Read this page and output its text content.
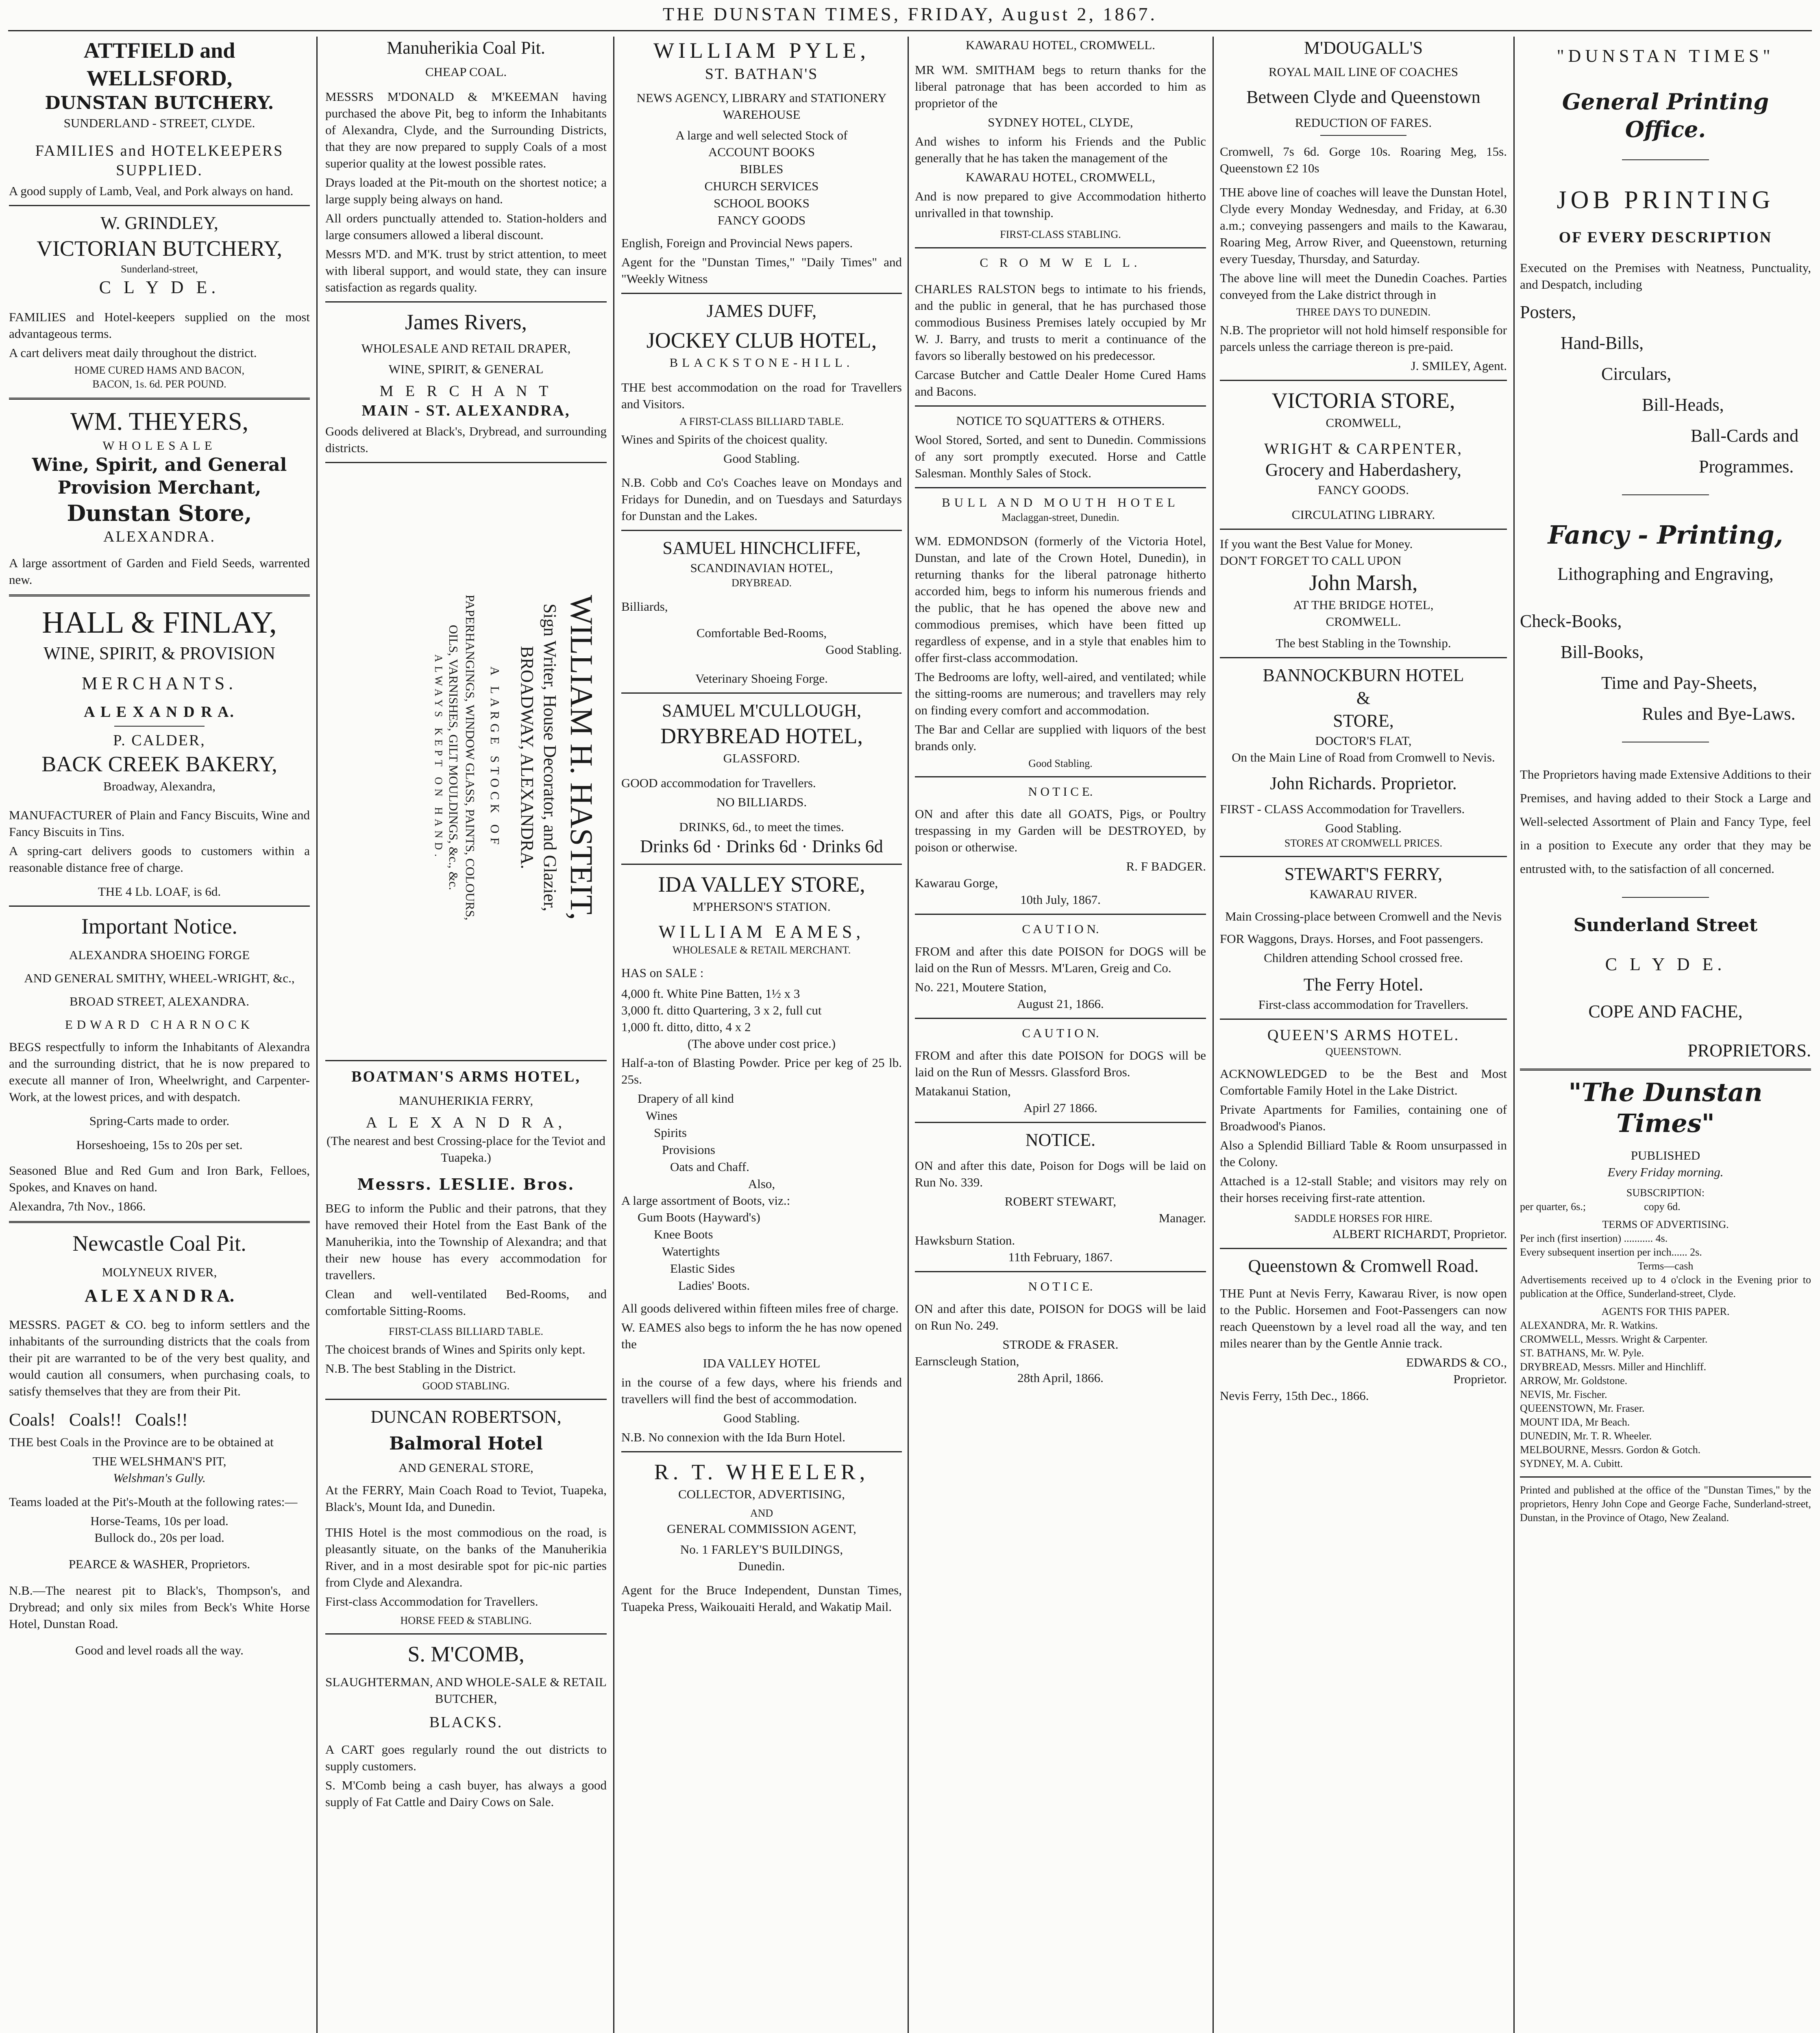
THE DUNSTAN TIMES, FRIDAY, August 2, 1867.
ATTFIELD and WELLSFORD,
DUNSTAN BUTCHERY.
SUNDERLAND - STREET, CLYDE.
FAMILIES and HOTELKEEPERS SUPPLIED.
A good supply of Lamb, Veal, and Pork always on hand.
W. GRINDLEY,
VICTORIAN BUTCHERY,
Sunderland-street,
C L Y D E.
FAMILIES and Hotel-keepers supplied on the most advantageous terms.
A cart delivers meat daily throughout the district.
HOME CURED HAMS AND BACON,
BACON, 1s. 6d. PER POUND.
WM. THEYERS,
WHOLESALE
Wine, Spirit, and General
Provision Merchant,
Dunstan Store,
ALEXANDRA.
A large assortment of Garden and Field Seeds, warrented new.
HALL & FINLAY,
WINE, SPIRIT, & PROVISION
MERCHANTS.
A L E X A N D R A.
P. CALDER,
BACK CREEK BAKERY,
Broadway, Alexandra,
MANUFACTURER of Plain and Fancy Biscuits, Wine and Fancy Biscuits in Tins.
A spring-cart delivers goods to customers within a reasonable distance free of charge.
THE 4 Lb. LOAF, is 6d.
Important Notice.
ALEXANDRA SHOEING FORGE
AND GENERAL SMITHY, WHEEL-WRIGHT, &c.,
BROAD STREET, ALEXANDRA.
EDWARD CHARNOCK
BEGS respectfully to inform the Inhabitants of Alexandra and the surrounding district, that he is now prepared to execute all manner of Iron, Wheelwright, and Carpenter-Work, at the lowest prices, and with despatch.
Spring-Carts made to order.
Horseshoeing, 15s to 20s per set.
Seasoned Blue and Red Gum and Iron Bark, Felloes, Spokes, and Knaves on hand.
Alexandra, 7th Nov., 1866.
Newcastle Coal Pit.
MOLYNEUX RIVER,
A L E X A N D R A.
MESSRS. PAGET & CO. beg to inform settlers and the inhabitants of the surrounding districts that the coals from their pit are warranted to be of the very best quality, and would caution all consumers, when purchasing coals, to satisfy themselves that they are from their Pit.
Coals!   Coals!!   Coals!!
THE best Coals in the Province are to be obtained at
THE WELSHMAN'S PIT,
Welshman's Gully.
Teams loaded at the Pit's-Mouth at the following rates:—
Horse-Teams, 10s per load.
Bullock do., 20s per load.
PEARCE & WASHER, Proprietors.
N.B.—The nearest pit to Black's, Thompson's, and Drybread; and only six miles from Beck's White Horse Hotel, Dunstan Road.
Good and level roads all the way.
Manuherikia Coal Pit.
CHEAP COAL.
MESSRS M'DONALD & M'KEEMAN having purchased the above Pit, beg to inform the Inhabitants of Alexandra, Clyde, and the Surrounding Districts, that they are now prepared to supply Coals of a most superior quality at the lowest possible rates.
Drays loaded at the Pit-mouth on the shortest notice; a large supply being always on hand.
All orders punctually attended to. Station-holders and large consumers allowed a liberal discount.
Messrs M'D. and M'K. trust by strict attention, to meet with liberal support, and would state, they can insure satisfaction as regards quality.
James Rivers,
WHOLESALE AND RETAIL DRAPER,
WINE, SPIRIT, & GENERAL
M E R C H A N T
MAIN - ST. ALEXANDRA,
Goods delivered at Black's, Drybread, and surrounding districts.
WILLIAM H. HASTEIT,
Sign Writer, House Decorator, and Glazier,
BROADWAY, ALEXANDRA.
A LARGE STOCK OF
PAPERHANGINGS, WINDOW GLASS, PAINTS, COLOURS,
OILS, VARNISHES, GILT MOULDINGS, &c., &c.
ALWAYS KEPT ON HAND.
BOATMAN'S ARMS HOTEL,
MANUHERIKIA FERRY,
A L E X A N D R A,
(The nearest and best Crossing-place for the Teviot and Tuapeka.)
Messrs. LESLIE. Bros.
BEG to inform the Public and their patrons, that they have removed their Hotel from the East Bank of the Manuherikia, into the Township of Alexandra; and that their new house has every accommodation for travellers.
Clean and well-ventilated Bed-Rooms, and comfortable Sitting-Rooms.
FIRST-CLASS BILLIARD TABLE.
The choicest brands of Wines and Spirits only kept.
N.B. The best Stabling in the District.
GOOD STABLING.
DUNCAN ROBERTSON,
Balmoral Hotel
AND GENERAL STORE,
At the FERRY, Main Coach Road to Teviot, Tuapeka, Black's, Mount Ida, and Dunedin.
THIS Hotel is the most commodious on the road, is pleasantly situate, on the banks of the Manuherikia River, and in a most desirable spot for pic-nic parties from Clyde and Alexandra.
First-class Accommodation for Travellers.
HORSE FEED & STABLING.
S. M'COMB,
SLAUGHTERMAN, AND WHOLE-SALE & RETAIL BUTCHER,
BLACKS.
A CART goes regularly round the out districts to supply customers.
S. M'Comb being a cash buyer, has always a good supply of Fat Cattle and Dairy Cows on Sale.
WILLIAM PYLE,
ST. BATHAN'S
NEWS AGENCY, LIBRARY and STATIONERY WAREHOUSE
A large and well selected Stock of
ACCOUNT BOOKS
BIBLES
CHURCH SERVICES
SCHOOL BOOKS
FANCY GOODS
English, Foreign and Provincial News papers.
Agent for the "Dunstan Times," "Daily Times" and "Weekly Witness
JAMES DUFF,
JOCKEY CLUB HOTEL,
BLACKSTONE-HILL.
THE best accommodation on the road for Travellers and Visitors.
A FIRST-CLASS BILLIARD TABLE.
Wines and Spirits of the choicest quality.
Good Stabling.
N.B. Cobb and Co's Coaches leave on Mondays and Fridays for Dunedin, and on Tuesdays and Saturdays for Dunstan and the Lakes.
SAMUEL HINCHCLIFFE,
SCANDINAVIAN HOTEL,
DRYBREAD.
Billiards,
Comfortable Bed-Rooms,
Good Stabling.
Veterinary Shoeing Forge.
SAMUEL M'CULLOUGH,
DRYBREAD HOTEL,
GLASSFORD.
GOOD accommodation for Travellers.
NO BILLIARDS.
DRINKS, 6d., to meet the times.
Drinks 6d · Drinks 6d · Drinks 6d
IDA VALLEY STORE,
M'PHERSON'S STATION.
WILLIAM EAMES,
WHOLESALE & RETAIL MERCHANT.
HAS on SALE :
4,000 ft. White Pine Batten, 1½ x 3
3,000 ft. ditto Quartering, 3 x 2, full cut
1,000 ft. ditto, ditto, 4 x 2
(The above under cost price.)
Half-a-ton of Blasting Powder. Price per keg of 25 lb. 25s.
Drapery of all kind
Wines
Spirits
Provisions
Oats and Chaff.
Also,
A large assortment of Boots, viz.:
Gum Boots (Hayward's)
Knee Boots
Watertights
Elastic Sides
Ladies' Boots.
All goods delivered within fifteen miles free of charge.
W. EAMES also begs to inform the he has now opened the
IDA VALLEY HOTEL
in the course of a few days, where his friends and travellers will find the best of accommodation.
Good Stabling.
N.B. No connexion with the Ida Burn Hotel.
R. T. WHEELER,
COLLECTOR, ADVERTISING,
AND
GENERAL COMMISSION AGENT,
No. 1 FARLEY'S BUILDINGS,
Dunedin.
Agent for the Bruce Independent, Dunstan Times, Tuapeka Press, Waikouaiti Herald, and Wakatip Mail.
KAWARAU HOTEL, CROMWELL.
MR WM. SMITHAM begs to return thanks for the liberal patronage that has been accorded to him as proprietor of the
SYDNEY HOTEL, CLYDE,
And wishes to inform his Friends and the Public generally that he has taken the management of the
KAWARAU HOTEL, CROMWELL,
And is now prepared to give Accommodation hitherto unrivalled in that township.
FIRST-CLASS STABLING.
C R O M W E L L.
CHARLES RALSTON begs to intimate to his friends, and the public in general, that he has purchased those commodious Business Premises lately occupied by Mr W. J. Barry, and trusts to merit a continuance of the favors so liberally bestowed on his predecessor.
Carcase Butcher and Cattle Dealer Home Cured Hams and Bacons.
NOTICE TO SQUATTERS & OTHERS.
Wool Stored, Sorted, and sent to Dunedin. Commissions of any sort promptly executed. Horse and Cattle Salesman. Monthly Sales of Stock.
BULL AND MOUTH HOTEL
Maclaggan-street, Dunedin.
WM. EDMONDSON (formerly of the Victoria Hotel, Dunstan, and late of the Crown Hotel, Dunedin), in returning thanks for the liberal patronage hitherto accorded him, begs to inform his numerous friends and the public, that he has opened the above new and commodious premises, which have been fitted up regardless of expense, and in a style that enables him to offer first-class accommodation.
The Bedrooms are lofty, well-aired, and ventilated; while the sitting-rooms are numerous; and travellers may rely on finding every comfort and accommodation.
The Bar and Cellar are supplied with liquors of the best brands only.
Good Stabling.
N O T I C E.
ON and after this date all GOATS, Pigs, or Poultry trespassing in my Garden will be DESTROYED, by poison or otherwise.
R. F BADGER.
Kawarau Gorge,
10th July, 1867.
C A U T I O N.
FROM and after this date POISON for DOGS will be laid on the Run of Messrs. M'Laren, Greig and Co.
No. 221, Moutere Station,
August 21, 1866.
C A U T I O N.
FROM and after this date POISON for DOGS will be laid on the Run of Messrs. Glassford Bros.
Matakanui Station,
Apirl 27 1866.
NOTICE.
ON and after this date, Poison for Dogs will be laid on Run No. 339.
ROBERT STEWART,
Manager.
Hawksburn Station.
11th February, 1867.
N O T I C E.
ON and after this date, POISON for DOGS will be laid on Run No. 249.
STRODE & FRASER.
Earnscleugh Station,
28th April, 1866.
M'DOUGALL'S
ROYAL MAIL LINE OF COACHES
Between Clyde and Queenstown
REDUCTION OF FARES.
Cromwell, 7s 6d. Gorge 10s. Roaring Meg, 15s. Queenstown £2 10s
THE above line of coaches will leave the Dunstan Hotel, Clyde every Monday Wednesday, and Friday, at 6.30 a.m.; conveying passengers and mails to the Kawarau, Roaring Meg, Arrow River, and Queenstown, returning every Tuesday, Thursday, and Saturday.
The above line will meet the Dunedin Coaches. Parties conveyed from the Lake district through in
THREE DAYS TO DUNEDIN.
N.B. The proprietor will not hold himself responsible for parcels unless the carriage thereon is pre-paid.
J. SMILEY, Agent.
VICTORIA STORE,
CROMWELL,
WRIGHT & CARPENTER,
Grocery and Haberdashery,
FANCY GOODS.
CIRCULATING LIBRARY.
If you want the Best Value for Money.
DON'T FORGET TO CALL UPON
John Marsh,
AT THE BRIDGE HOTEL,
CROMWELL.
The best Stabling in the Township.
BANNOCKBURN HOTEL
&
STORE,
DOCTOR'S FLAT,
On the Main Line of Road from Cromwell to Nevis.
John Richards. Proprietor.
FIRST - CLASS Accommodation for Travellers.
Good Stabling.
STORES AT CROMWELL PRICES.
STEWART'S FERRY,
KAWARAU RIVER.
Main Crossing-place between Cromwell and the Nevis
FOR Waggons, Drays. Horses, and Foot passengers.
Children attending School crossed free.
The Ferry Hotel.
First-class accommodation for Travellers.
QUEEN'S ARMS HOTEL.
QUEENSTOWN.
ACKNOWLEDGED to be the Best and Most Comfortable Family Hotel in the Lake District.
Private Apartments for Families, containing one of Broadwood's Pianos.
Also a Splendid Billiard Table & Room unsurpassed in the Colony.
Attached is a 12-stall Stable; and visitors may rely on their horses receiving first-rate attention.
SADDLE HORSES FOR HIRE.
ALBERT RICHARDT, Proprietor.
Queenstown & Cromwell Road.
THE Punt at Nevis Ferry, Kawarau River, is now open to the Public. Horsemen and Foot-Passengers can now reach Queenstown by a level road all the way, and ten miles nearer than by the Gentle Annie track.
EDWARDS & CO.,
Proprietor.
Nevis Ferry, 15th Dec., 1866.
"DUNSTAN TIMES"
General Printing Office.
JOB PRINTING
OF EVERY DESCRIPTION
Executed on the Premises with Neatness, Punctuality, and Despatch, including
Posters,
Hand-Bills,
Circulars,
Bill-Heads,
Ball-Cards and
Programmes.
Fancy - Printing,
Lithographing and Engraving,
Check-Books,
Bill-Books,
Time and Pay-Sheets,
Rules and Bye-Laws.
The Proprietors having made Extensive Additions to their Premises, and having added to their Stock a Large and Well-selected Assortment of Plain and Fancy Type, feel in a position to Execute any order that they may be entrusted with, to the satisfaction of all concerned.
Sunderland Street
C L Y D E.
COPE AND FACHE,
PROPRIETORS.
"The Dunstan Times"
PUBLISHED
Every Friday morning.
SUBSCRIPTION:
per quarter, 6s.;                      copy 6d.
TERMS OF ADVERTISING.
Per inch (first insertion) ........... 4s.
Every subsequent insertion per inch...... 2s.
Terms—cash
Advertisements received up to 4 o'clock in the Evening prior to publication at the Office, Sunderland-street, Clyde.
AGENTS FOR THIS PAPER.
ALEXANDRA, Mr. R. Watkins.
CROMWELL, Messrs. Wright & Carpenter.
ST. BATHANS, Mr. W. Pyle.
DRYBREAD, Messrs. Miller and Hinchliff.
ARROW, Mr. Goldstone.
NEVIS, Mr. Fischer.
QUEENSTOWN, Mr. Fraser.
MOUNT IDA, Mr Beach.
DUNEDIN, Mr. T. R. Wheeler.
MELBOURNE, Messrs. Gordon & Gotch.
SYDNEY, M. A. Cubitt.
Printed and published at the office of the "Dunstan Times," by the proprietors, Henry John Cope and George Fache, Sunderland-street, Dunstan, in the Province of Otago, New Zealand.
